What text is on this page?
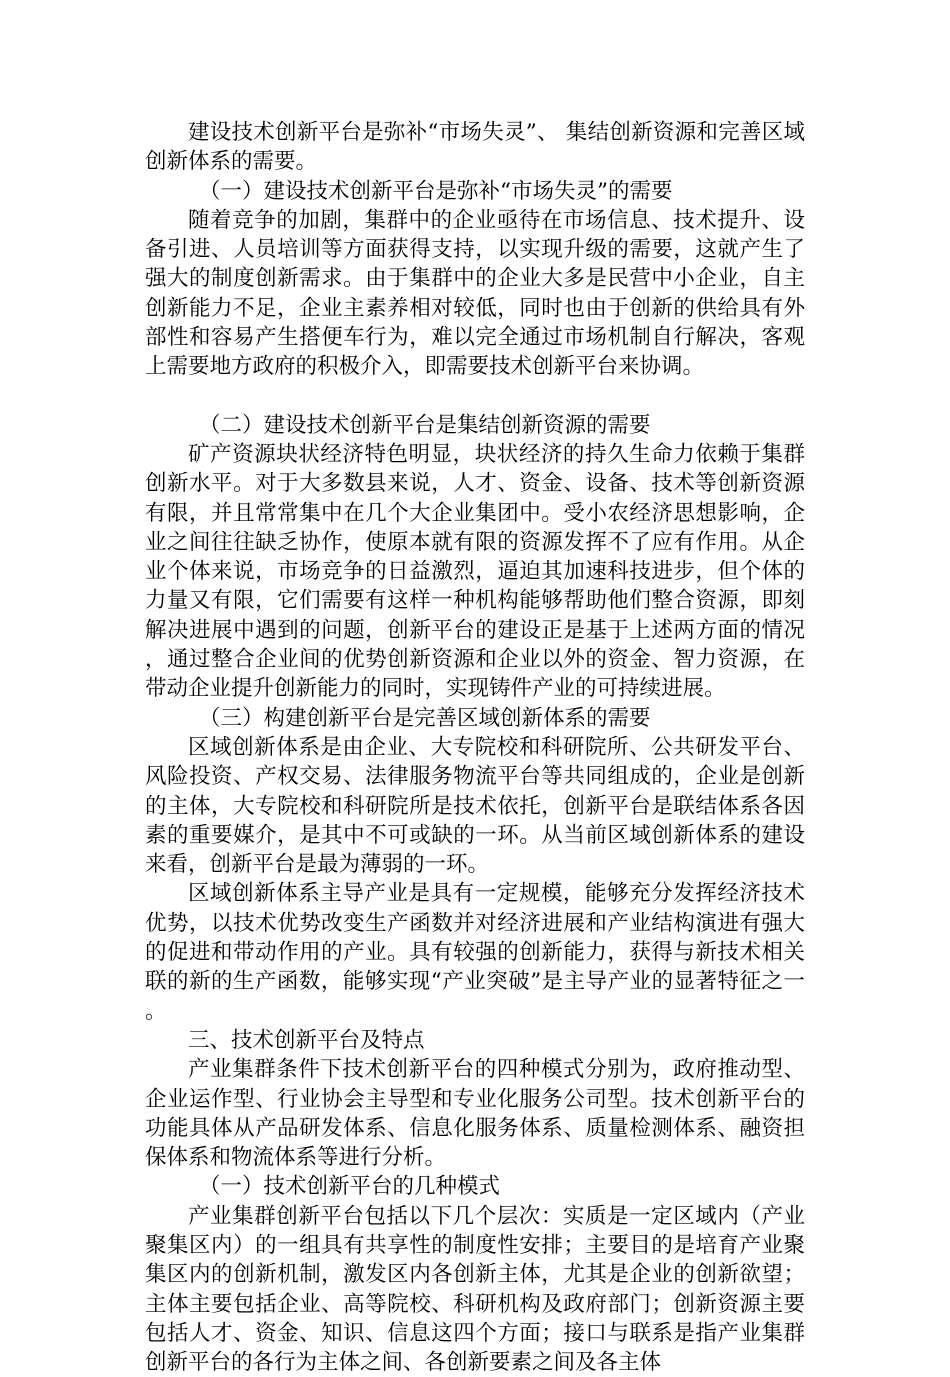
建设技术创新平台是弥补“市场失灵”、 集结创新资源和完善区域创新体系的需要。

（一）建设技术创新平台是弥补“市场失灵”的需要

随着竞争的加剧，集群中的企业亟待在市场信息、技术提升、设备引进、人员培训等方面获得支持，以实现升级的需要，这就产生了强大的制度创新需求。由于集群中的企业大多是民营中小企业，自主创新能力不足，企业主素养相对较低，同时也由于创新的供给具有外部性和容易产生搭便车行为，难以完全通过市场机制自行解决，客观上需要地方政府的积极介入，即需要技术创新平台来协调。

（二）建设技术创新平台是集结创新资源的需要

矿产资源块状经济特色明显，块状经济的持久生命力依赖于集群创新水平。对于大多数县来说，人才、资金、设备、技术等创新资源有限，并且常常集中在几个大企业集团中。受小农经济思想影响，企业之间往往缺乏协作，使原本就有限的资源发挥不了应有作用。从企业个体来说，市场竞争的日益激烈，逼迫其加速科技进步，但个体的力量又有限，它们需要有这样一种机构能够帮助他们整合资源，即刻解决进展中遇到的问题，创新平台的建设正是基于上述两方面的情况，通过整合企业间的优势创新资源和企业以外的资金、智力资源，在带动企业提升创新能力的同时，实现铸件产业的可持续进展。

（三）构建创新平台是完善区域创新体系的需要

区域创新体系是由企业、大专院校和科研院所、公共研发平台、风险投资、产权交易、法律服务物流平台等共同组成的，企业是创新的主体，大专院校和科研院所是技术依托，创新平台是联结体系各因素的重要媒介，是其中不可或缺的一环。从当前区域创新体系的建设来看，创新平台是最为薄弱的一环。

区域创新体系主导产业是具有一定规模，能够充分发挥经济技术优势，以技术优势改变生产函数并对经济进展和产业结构演进有强大的促进和带动作用的产业。具有较强的创新能力，获得与新技术相关联的新的生产函数，能够实现“产业突破”是主导产业的显著特征之一。

三、技术创新平台及特点

产业集群条件下技术创新平台的四种模式分别为，政府推动型、企业运作型、行业协会主导型和专业化服务公司型。技术创新平台的功能具体从产品研发体系、信息化服务体系、质量检测体系、融资担保体系和物流体系等进行分析。

（一）技术创新平台的几种模式

产业集群创新平台包括以下几个层次：实质是一定区域内（产业聚集区内）的一组具有共享性的制度性安排；主要目的是培育产业聚集区内的创新机制，激发区内各创新主体，尤其是企业的创新欲望；主体主要包括企业、高等院校、科研机构及政府部门；创新资源主要包括人才、资金、知识、信息这四个方面；接口与联系是指产业集群创新平台的各行为主体之间、各创新要素之间及各主体
